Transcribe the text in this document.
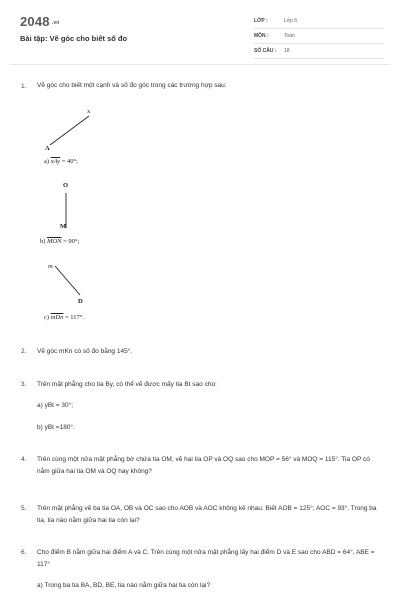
2048 .vn
Bài tập: Vẽ góc cho biết số đo
LỚP :	Lớp 6
MÔN :	Toán
SỐ CÂU : 18
1. Vẽ góc cho biết một cạnh và số đo góc trong các trường hợp sau:
x
A
a) $\overline{xAy} = 40^\circ$;
O
M
b) $\overline{MON} = 90^\circ$;
m
D
c) $\overline{mDn} = 117^\circ$.
2. Vẽ góc mKn có số đo bằng 145°.
3. Trên mặt phẳng cho tia By, có thể vẽ được mấy tia Bt sao cho:
a) yBt = 30°;
b) yBt =180°.
4. Trên cùng một nửa mặt phẳng bờ chứa tia OM, vẽ hai tia OP và OQ sao cho MOP = 56° và MOQ = 115°. Tia OP có nằm giữa hai tia OM và OQ hay không?
5. Trên mặt phẳng vẽ ba tia OA, OB và OC sao cho AOB và AOC không kề nhau. Biết AOB = 125°; AOC = 93°. Trong ba tia, tia nào nằm giữa hai tia còn lại?
6. Cho điểm B nằm giữa hai điểm A và C. Trên cùng một nửa mặt phẳng lấy hai điểm D và E sao cho ABD = 64°, ABE = 117°
a) Trong ba tia BA, BD, BE, tia nào nằm giữa hai tia còn lại?
